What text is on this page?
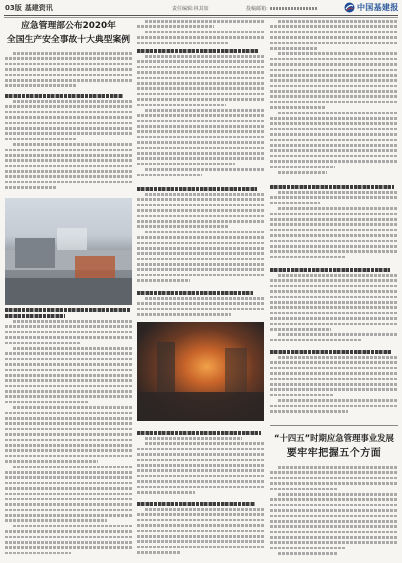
03版 基建资讯	责任编辑:林其如	投稿邮箱:	中国基建报
应急管理部公布2020年
全国生产安全事故十大典型案例
“十四五”时期应急管理事业发展
要牢牢把握五个方面
